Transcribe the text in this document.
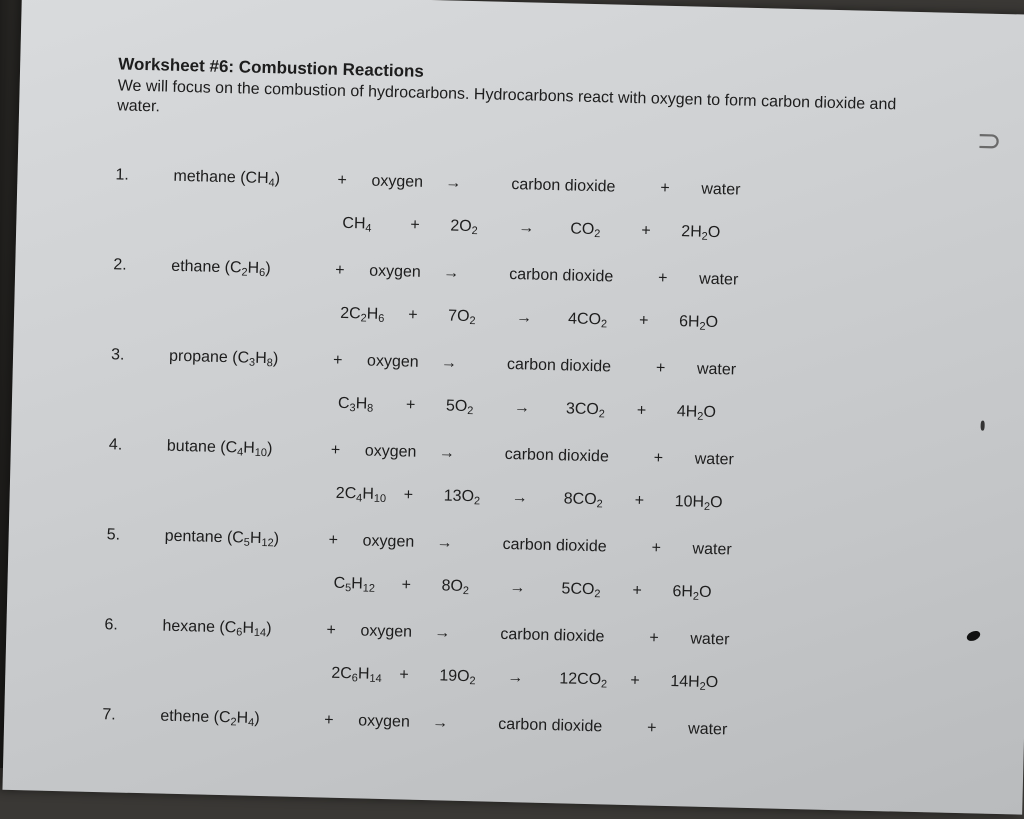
Worksheet #6: Combustion Reactions

We will focus on the combustion of hydrocarbons. Hydrocarbons react with oxygen to form carbon dioxide and water.

1.	methane (CH4)	+ oxygen →	carbon dioxide	+ water
CH4 + 2O2	→ CO2	+ 2H2O
2.	ethane (C2H6)	+ oxygen →	carbon dioxide	+ water
2C2H6 + 7O2	→ 4CO2 + 6H2O
3.	propane (C3H8)	+ oxygen →	carbon dioxide	+ water
C3H8 + 5O2	→ 3CO2 + 4H2O
4.	butane (C4H10)	+ oxygen →	carbon dioxide	+ water
2C4H10 + 13O2 → 8CO2 + 10H2O
5.	pentane (C5H12)	+ oxygen →	carbon dioxide	+ water
C5H12 + 8O2	→ 5CO2 + 6H2O
6.	hexane (C6H14)	+ oxygen →	carbon dioxide	+ water
2C6H14 + 19O2 → 12CO2 + 14H2O
7.	ethene (C2H4)	+ oxygen →	carbon dioxide	+ water
⊃
